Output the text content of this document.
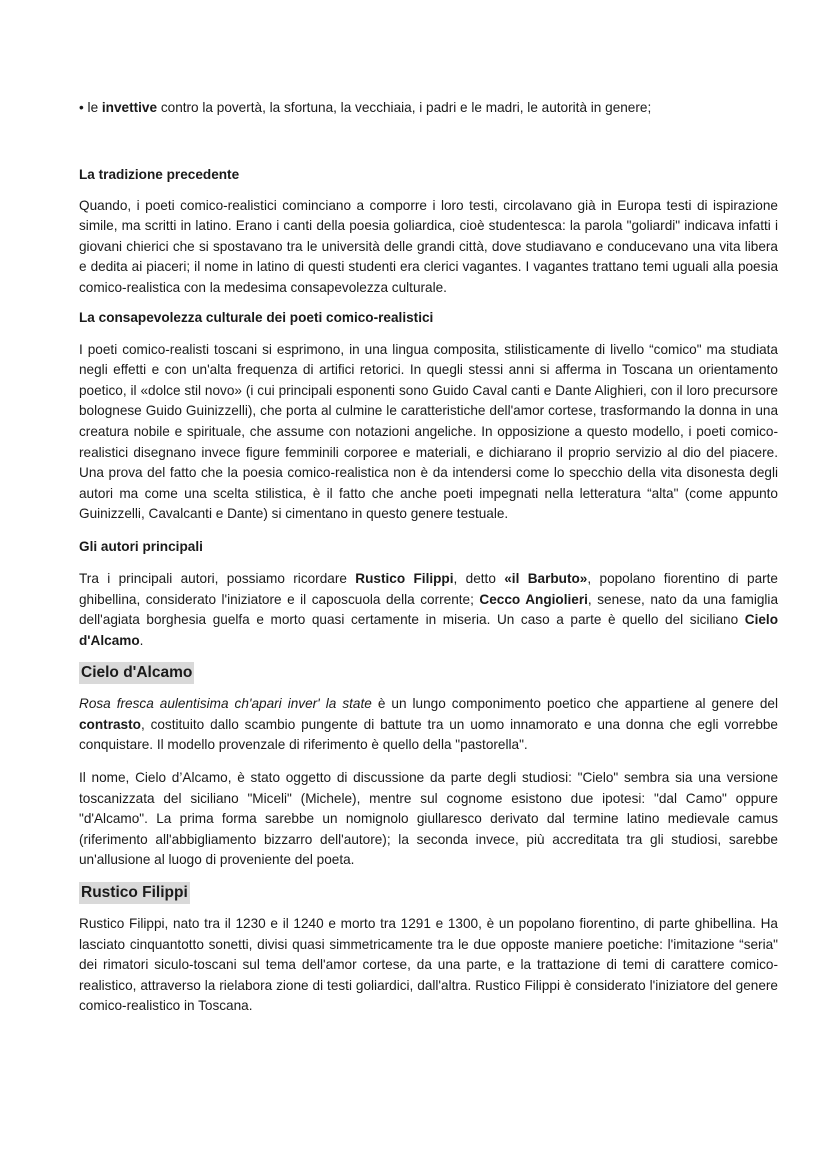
• le invettive contro la povertà, la sfortuna, la vecchiaia, i padri e le madri, le autorità in genere;

La tradizione precedente

Quando, i poeti comico-realistici cominciano a comporre i loro testi, circolavano già in Europa testi di ispirazione simile, ma scritti in latino. Erano i canti della poesia goliardica, cioè studentesca: la parola "goliardi" indicava infatti i giovani chierici che si spostavano tra le università delle grandi città, dove studiavano e conducevano una vita libera e dedita ai piaceri; il nome in latino di questi studenti era clerici vagantes. I vagantes trattano temi uguali alla poesia comico-realistica con la medesima consapevolezza culturale.

La consapevolezza culturale dei poeti comico-realistici

I poeti comico-realisti toscani si esprimono, in una lingua composita, stilisticamente di livello “comico" ma studiata negli effetti e con un'alta frequenza di artifici retorici. In quegli stessi anni si afferma in Toscana un orientamento poetico, il «dolce stil novo» (i cui principali esponenti sono Guido Caval canti e Dante Alighieri, con il loro precursore bolognese Guido Guinizzelli), che porta al culmine le caratteristiche dell'amor cortese, trasformando la donna in una creatura nobile e spirituale, che assume con notazioni angeliche. In opposizione a questo modello, i poeti comico-realistici disegnano invece figure femminili corporee e materiali, e dichiarano il proprio servizio al dio del piacere. Una prova del fatto che la poesia comico-realistica non è da intendersi come lo specchio della vita disonesta degli autori ma come una scelta stilistica, è il fatto che anche poeti impegnati nella letteratura “alta" (come appunto Guinizzelli, Cavalcanti e Dante) si cimentano in questo genere testuale.

Gli autori principali

Tra i principali autori, possiamo ricordare Rustico Filippi, detto «il Barbuto», popolano fiorentino di parte ghibellina, considerato l'iniziatore e il caposcuola della corrente; Cecco Angiolieri, senese, nato da una famiglia dell'agiata borghesia guelfa e morto quasi certamente in miseria. Un caso a parte è quello del siciliano Cielo d'Alcamo.

Cielo d'Alcamo

Rosa fresca aulentisima ch'apari inver' la state è un lungo componimento poetico che appartiene al genere del contrasto, costituito dallo scambio pungente di battute tra un uomo innamorato e una donna che egli vorrebbe conquistare. Il modello provenzale di riferimento è quello della "pastorella".

Il nome, Cielo d’Alcamo, è stato oggetto di discussione da parte degli studiosi: "Cielo" sembra sia una versione toscanizzata del siciliano "Miceli" (Michele), mentre sul cognome esistono due ipotesi: "dal Camo" oppure "d'Alcamo". La prima forma sarebbe un nomignolo giullaresco derivato dal termine latino medievale camus (riferimento all'abbigliamento bizzarro dell'autore); la seconda invece, più accreditata tra gli studiosi, sarebbe un'allusione al luogo di proveniente del poeta.

Rustico Filippi

Rustico Filippi, nato tra il 1230 e il 1240 e morto tra 1291 e 1300, è un popolano fiorentino, di parte ghibellina. Ha lasciato cinquantotto sonetti, divisi quasi simmetricamente tra le due opposte maniere poetiche: l'imitazione “seria" dei rimatori siculo-toscani sul tema dell'amor cortese, da una parte, e la trattazione di temi di carattere comico-realistico, attraverso la rielabora zione di testi goliardici, dall'altra. Rustico Filippi è considerato l'iniziatore del genere comico-realistico in Toscana.
